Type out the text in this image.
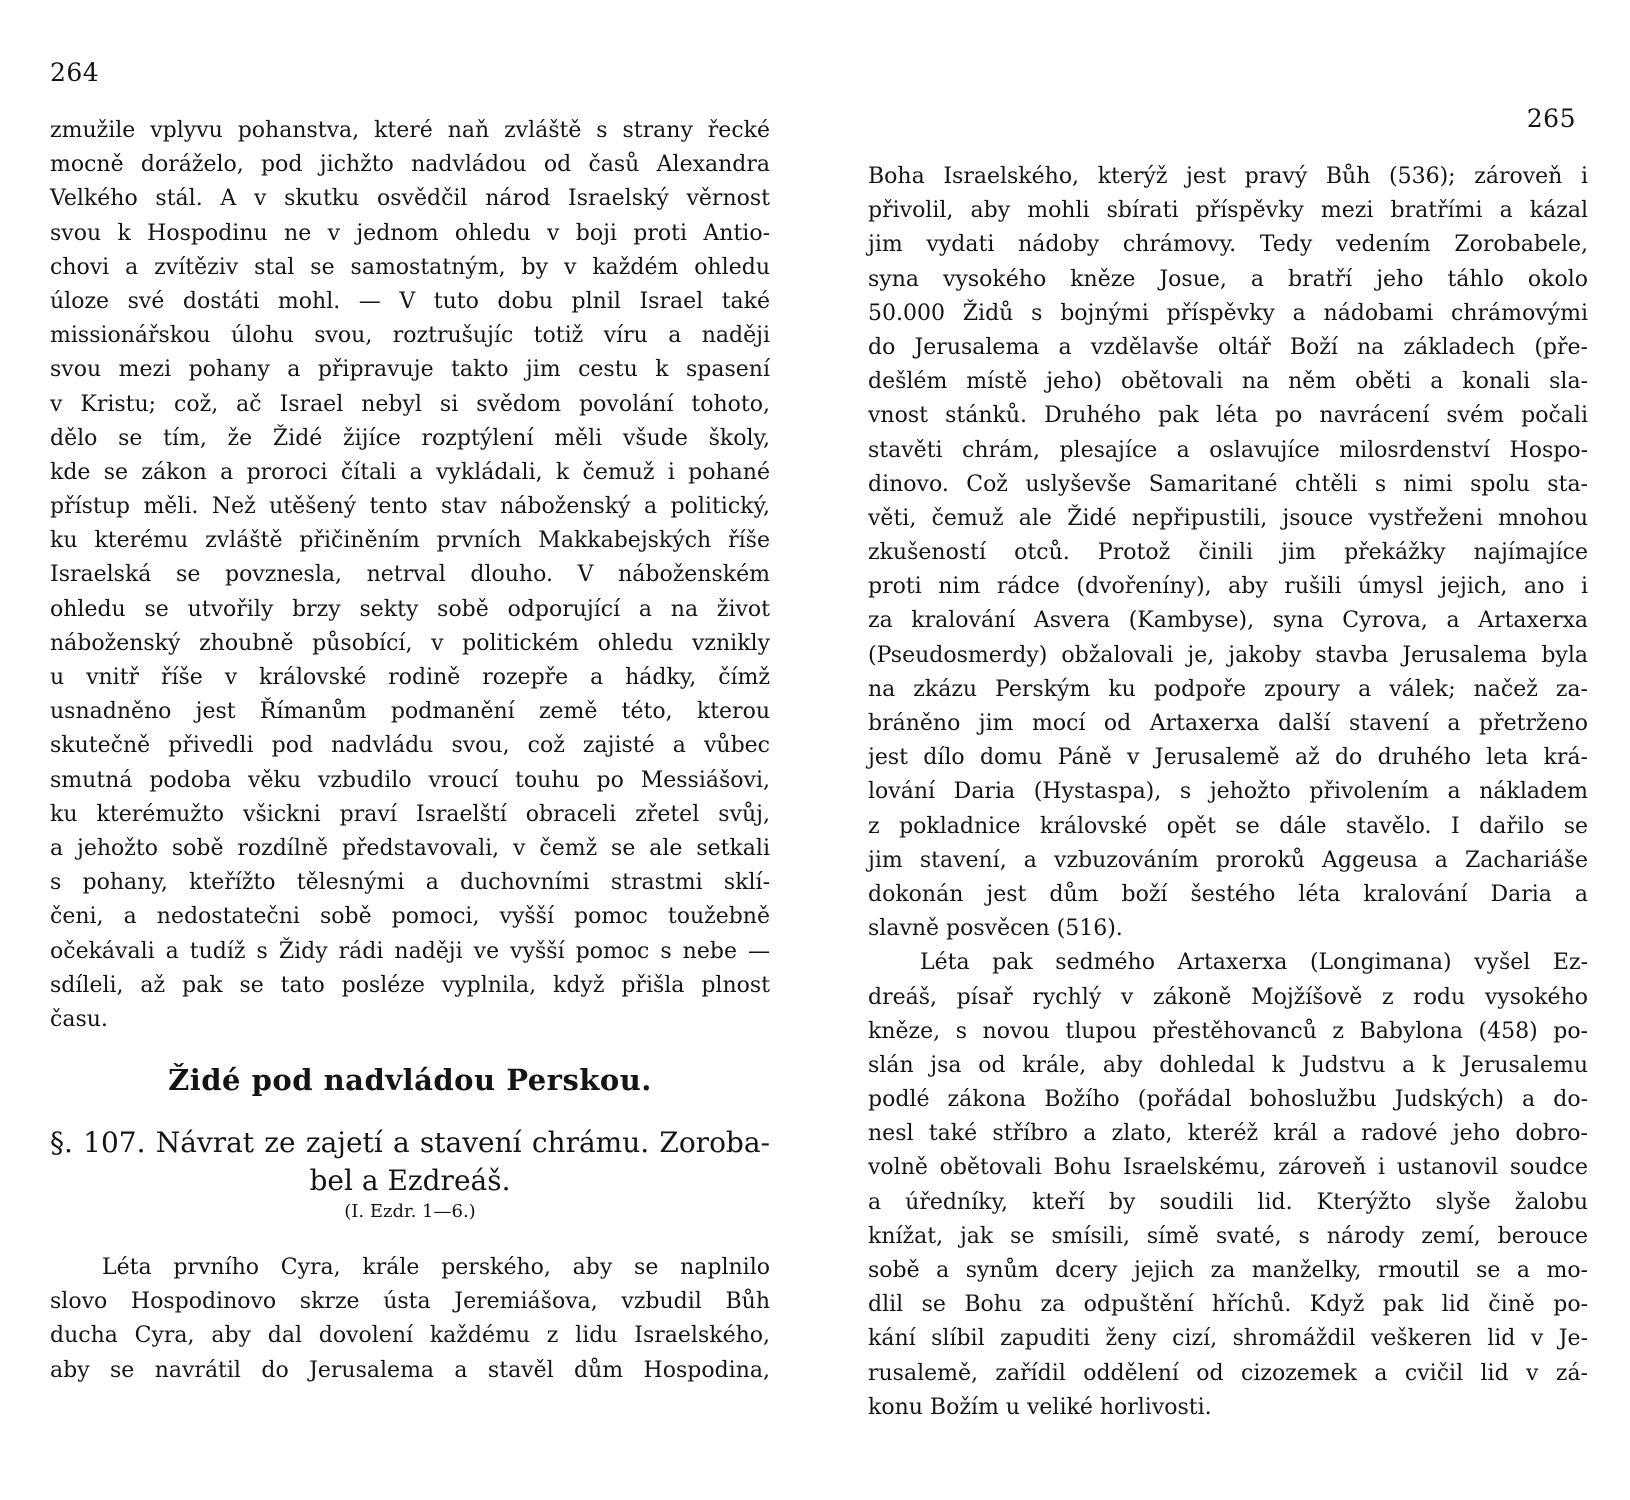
264
zmužile vplyvu pohanstva, které naň zvláště s strany řecké
mocně doráželo, pod jichžto nadvládou od časů Alexandra
Velkého stál. A v skutku osvědčil národ Israelský věrnost
svou k Hospodinu ne v jednom ohledu v boji proti Antio-
chovi a zvítěziv stal se samostatným, by v každém ohledu
úloze své dostáti mohl. — V tuto dobu plnil Israel také
missionářskou úlohu svou, roztrušujíc totiž víru a naději
svou mezi pohany a připravuje takto jim cestu k spasení
v Kristu; což, ač Israel nebyl si svědom povolání tohoto,
dělo se tím, že Židé žijíce rozptýlení měli všude školy,
kde se zákon a proroci čítali a vykládali, k čemuž i pohané
přístup měli. Než utěšený tento stav náboženský a politický,
ku kterému zvláště přičiněním prvních Makkabejských říše
Israelská se povznesla, netrval dlouho. V náboženském
ohledu se utvořily brzy sekty sobě odporující a na život
náboženský zhoubně působící, v politickém ohledu vznikly
u vnitř říše v královské rodině rozepře a hádky, čímž
usnadněno jest Římanům podmanění země této, kterou
skutečně přivedli pod nadvládu svou, což zajisté a vůbec
smutná podoba věku vzbudilo vroucí touhu po Messiášovi,
ku kterémužto všickni praví Israelští obraceli zřetel svůj,
a jehožto sobě rozdílně představovali, v čemž se ale setkali
s pohany, kteřížto tělesnými a duchovními strastmi sklí-
čeni, a nedostatečni sobě pomoci, vyšší pomoc toužebně
očekávali a tudíž s Židy rádi naději ve vyšší pomoc s nebe —
sdíleli, až pak se tato posléze vyplnila, když přišla plnost
času.
Židé pod nadvládou Perskou.
§. 107. Návrat ze zajetí a stavení chrámu. Zoroba-
bel a Ezdreáš.
(I. Ezdr. 1—6.)
Léta prvního Cyra, krále perského, aby se naplnilo
slovo Hospodinovo skrze ústa Jeremiášova, vzbudil Bůh
ducha Cyra, aby dal dovolení každému z lidu Israelského,
aby se navrátil do Jerusalema a stavěl dům Hospodina,
265
Boha Israelského, kterýž jest pravý Bůh (536); zároveň i
přivolil, aby mohli sbírati příspěvky mezi bratřími a kázal
jim vydati nádoby chrámovy. Tedy vedením Zorobabele,
syna vysokého kněze Josue, a bratří jeho táhlo okolo
50.000 Židů s bojnými příspěvky a nádobami chrámovými
do Jerusalema a vzdělavše oltář Boží na základech (pře-
dešlém místě jeho) obětovali na něm oběti a konali sla-
vnost stánků. Druhého pak léta po navrácení svém počali
stavěti chrám, plesajíce a oslavujíce milosrdenství Hospo-
dinovo. Což uslyševše Samaritané chtěli s nimi spolu sta-
věti, čemuž ale Židé nepřipustili, jsouce vystřeženi mnohou
zkušeností otců. Protož činili jim překážky najímajíce
proti nim rádce (dvořeníny), aby rušili úmysl jejich, ano i
za kralování Asvera (Kambyse), syna Cyrova, a Artaxerxa
(Pseudosmerdy) obžalovali je, jakoby stavba Jerusalema byla
na zkázu Perským ku podpoře zpoury a válek; načež za-
bráněno jim mocí od Artaxerxa další stavení a přetrženo
jest dílo domu Páně v Jerusalemě až do druhého leta krá-
lování Daria (Hystaspa), s jehožto přivolením a nákladem
z pokladnice královské opět se dále stavělo. I dařilo se
jim stavení, a vzbuzováním proroků Aggeusa a Zachariáše
dokonán jest dům boží šestého léta kralování Daria a
slavně posvěcen (516).
Léta pak sedmého Artaxerxa (Longimana) vyšel Ez-
dreáš, písař rychlý v zákoně Mojžíšově z rodu vysokého
kněze, s novou tlupou přestěhovanců z Babylona (458) po-
slán jsa od krále, aby dohledal k Judstvu a k Jerusalemu
podlé zákona Božího (pořádal bohoslužbu Judských) a do-
nesl také stříbro a zlato, kteréž král a radové jeho dobro-
volně obětovali Bohu Israelskému, zároveň i ustanovil soudce
a úředníky, kteří by soudili lid. Kterýžto slyše žalobu
knížat, jak se smísili, símě svaté, s národy zemí, berouce
sobě a synům dcery jejich za manželky, rmoutil se a mo-
dlil se Bohu za odpuštění hříchů. Když pak lid čině po-
kání slíbil zapuditi ženy cizí, shromáždil veškeren lid v Je-
rusalemě, zařídil oddělení od cizozemek a cvičil lid v zá-
konu Božím u veliké horlivosti.
